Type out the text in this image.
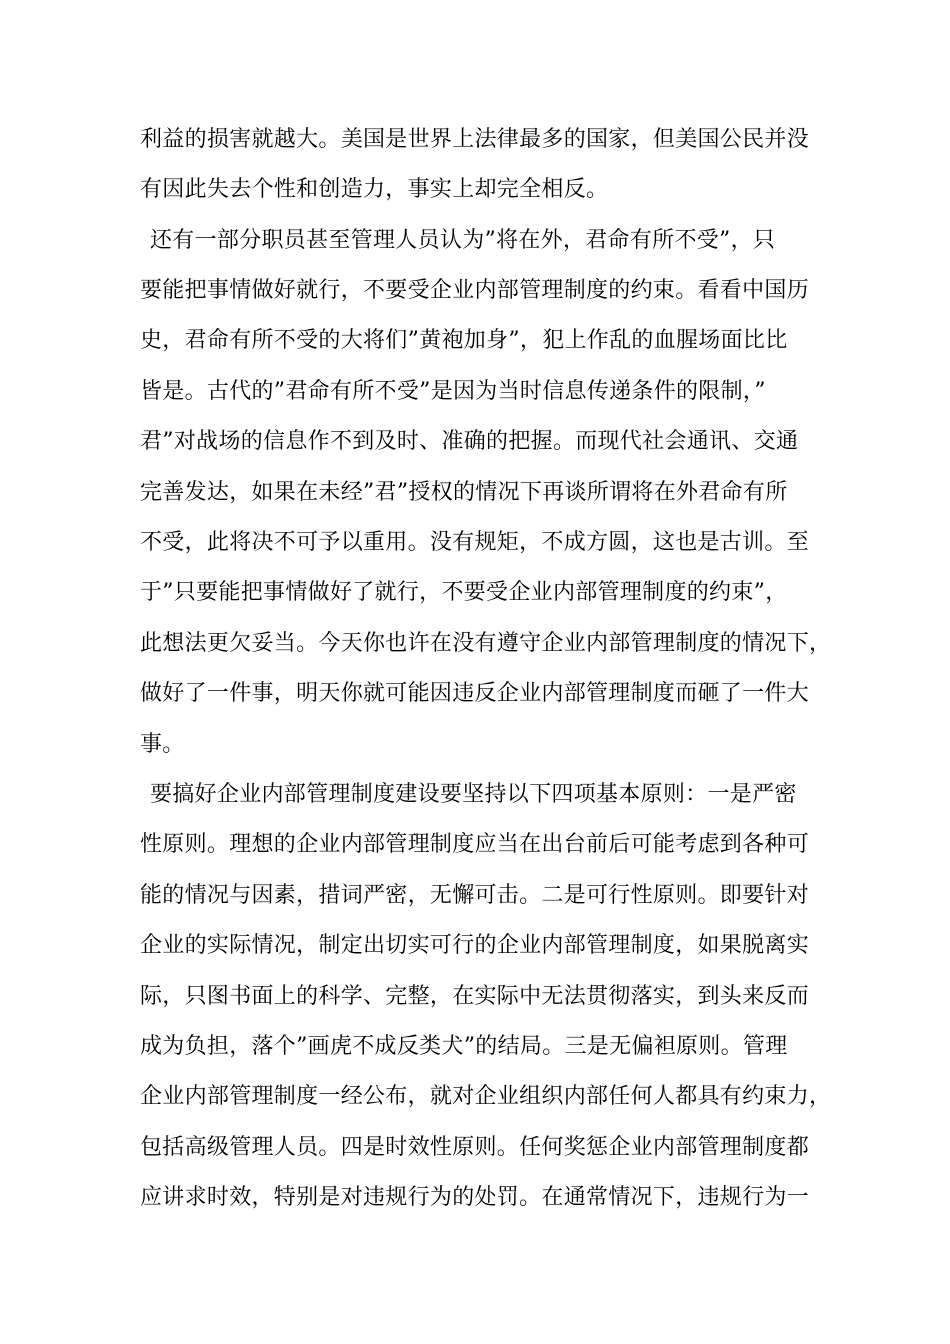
利益的损害就越大。美国是世界上法律最多的国家，但美国公民并没
有因此失去个性和创造力，事实上却完全相反。
还有一部分职员甚至管理人员认为”将在外，君命有所不受”，只
要能把事情做好就行，不要受企业内部管理制度的约束。看看中国历
史，君命有所不受的大将们”黄袍加身”，犯上作乱的血腥场面比比
皆是。古代的”君命有所不受”是因为当时信息传递条件的限制，”
君”对战场的信息作不到及时、准确的把握。而现代社会通讯、交通
完善发达，如果在未经”君”授权的情况下再谈所谓将在外君命有所
不受，此将决不可予以重用。没有规矩，不成方圆，这也是古训。至
于”只要能把事情做好了就行，不要受企业内部管理制度的约束”，
此想法更欠妥当。今天你也许在没有遵守企业内部管理制度的情况下，
做好了一件事，明天你就可能因违反企业内部管理制度而砸了一件大
事。
要搞好企业内部管理制度建设要坚持以下四项基本原则：一是严密
性原则。理想的企业内部管理制度应当在出台前后可能考虑到各种可
能的情况与因素，措词严密，无懈可击。二是可行性原则。即要针对
企业的实际情况，制定出切实可行的企业内部管理制度，如果脱离实
际，只图书面上的科学、完整，在实际中无法贯彻落实，到头来反而
成为负担，落个”画虎不成反类犬”的结局。三是无偏袒原则。管理
企业内部管理制度一经公布，就对企业组织内部任何人都具有约束力，
包括高级管理人员。四是时效性原则。任何奖惩企业内部管理制度都
应讲求时效，特别是对违规行为的处罚。在通常情况下，违规行为一
